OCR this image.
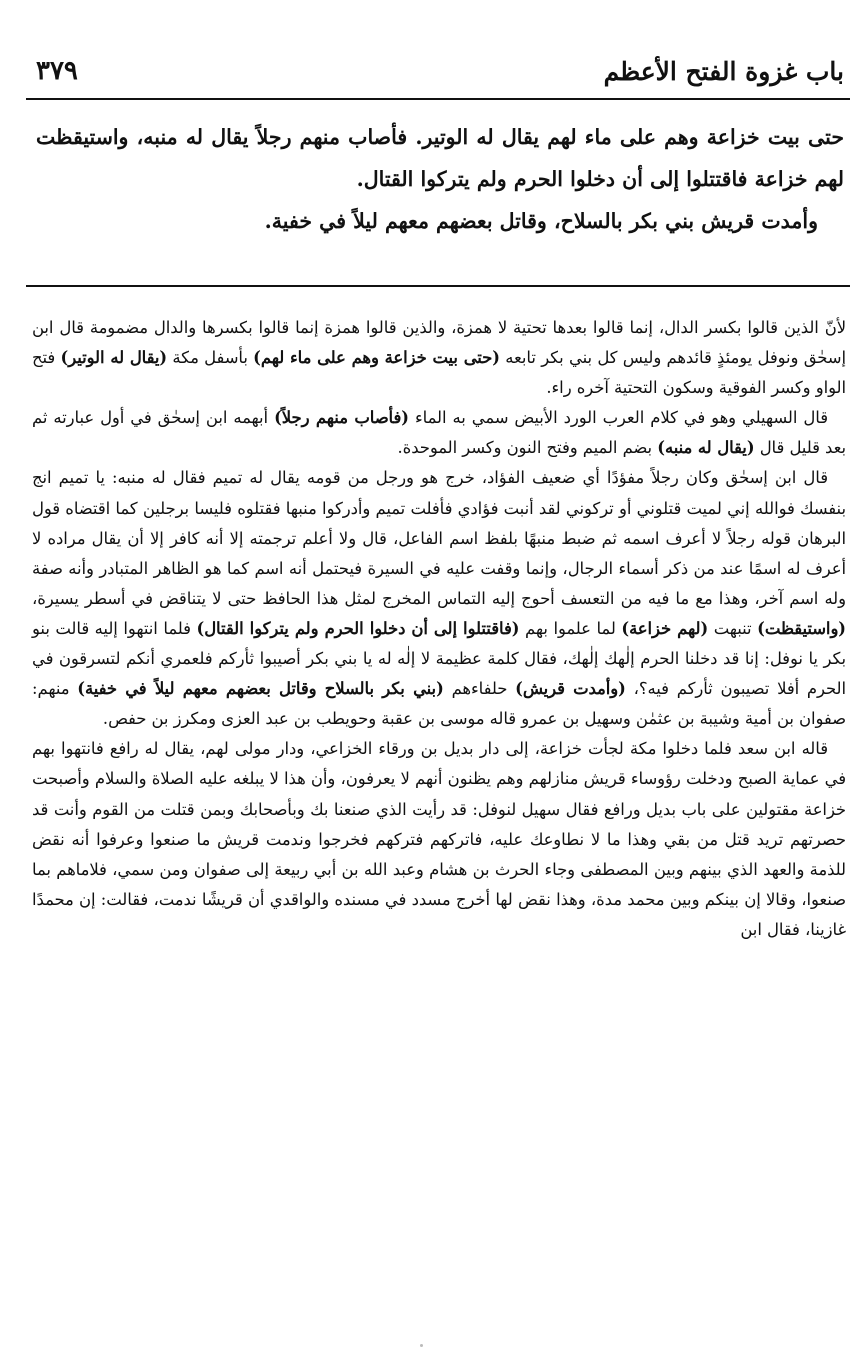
باب غزوة الفتح الأعظم
٣٧٩

حتى بيت خزاعة وهم على ماء لهم يقال له الوتير. فأصاب منهم رجلاً يقال له منبه، واستيقظت لهم خزاعة فاقتتلوا إلى أن دخلوا الحرم ولم يتركوا القتال.

وأمدت قريش بني بكر بالسلاح، وقاتل بعضهم معهم ليلاً في خفية.

لأنّ الذين قالوا بكسر الدال، إنما قالوا بعدها تحتية لا همزة، والذين قالوا همزة إنما قالوا بكسرها والدال مضمومة قال ابن إسحٰق ونوفل يومئذٍ قائدهم وليس كل بني بكر تابعه (حتى بيت خزاعة وهم على ماء لهم) بأسفل مكة (يقال له الوتير) فتح الواو وكسر الفوقية وسكون التحتية آخره راء.

قال السهيلي وهو في كلام العرب الورد الأبيض سمي به الماء (فأصاب منهم رجلاً) أبهمه ابن إسحٰق في أول عبارته ثم بعد قليل قال (يقال له منبه) بضم الميم وفتح النون وكسر الموحدة.

قال ابن إسحٰق وكان رجلاً مفؤدًا أي ضعيف الفؤاد، خرج هو ورجل من قومه يقال له تميم فقال له منبه: يا تميم انج بنفسك فوالله إني لميت قتلوني أو تركوني لقد أنبت فؤادي فأفلت تميم وأدركوا منبها فقتلوه فليسا برجلين كما اقتضاه قول البرهان قوله رجلاً لا أعرف اسمه ثم ضبط منبهًا بلفظ اسم الفاعل، قال ولا أعلم ترجمته إلا أنه كافر إلا أن يقال مراده لا أعرف له اسمًا عند من ذكر أسماء الرجال، وإنما وقفت عليه في السيرة فيحتمل أنه اسم كما هو الظاهر المتبادر وأنه صفة وله اسم آخر، وهذا مع ما فيه من التعسف أحوج إليه التماس المخرج لمثل هذا الحافظ حتى لا يتناقض في أسطر يسيرة، (واستيقظت) تنبهت (لهم خزاعة) لما علموا بهم (فاقتتلوا إلى أن دخلوا الحرم ولم يتركوا القتال) فلما انتهوا إليه قالت بنو بكر يا نوفل: إنا قد دخلنا الحرم إلٰهك إلٰهك، فقال كلمة عظيمة لا إلٰه له يا بني بكر أصيبوا ثأركم فلعمري أنكم لتسرقون في الحرم أفلا تصيبون ثأركم فيه؟، (وأمدت قريش) حلفاءهم (بني بكر بالسلاح وقاتل بعضهم معهم ليلاً في خفية) منهم: صفوان بن أمية وشيبة بن عثمٰن وسهيل بن عمرو قاله موسى بن عقبة وحويطب بن عبد العزى ومكرز بن حفص.

قاله ابن سعد فلما دخلوا مكة لجأت خزاعة، إلى دار بديل بن ورقاء الخزاعي، ودار مولى لهم، يقال له رافع فانتهوا بهم في عماية الصبح ودخلت رؤوساء قريش منازلهم وهم يظنون أنهم لا يعرفون، وأن هذا لا يبلغه عليه الصلاة والسلام وأصبحت خزاعة مقتولين على باب بديل ورافع فقال سهيل لنوفل: قد رأيت الذي صنعنا بك وبأصحابك وبمن قتلت من القوم وأنت قد حصرتهم تريد قتل من بقي وهذا ما لا نطاوعك عليه، فاتركهم فتركهم فخرجوا وندمت قريش ما صنعوا وعرفوا أنه نقض للذمة والعهد الذي بينهم وبين المصطفى وجاء الحرث بن هشام وعبد الله بن أبي ربيعة إلى صفوان ومن سمي، فلاماهم بما صنعوا، وقالا إن بينكم وبين محمد مدة، وهذا نقض لها أخرج مسدد في مسنده والواقدي أن قريشًا ندمت، فقالت: إن محمدًا غازينا، فقال ابن
